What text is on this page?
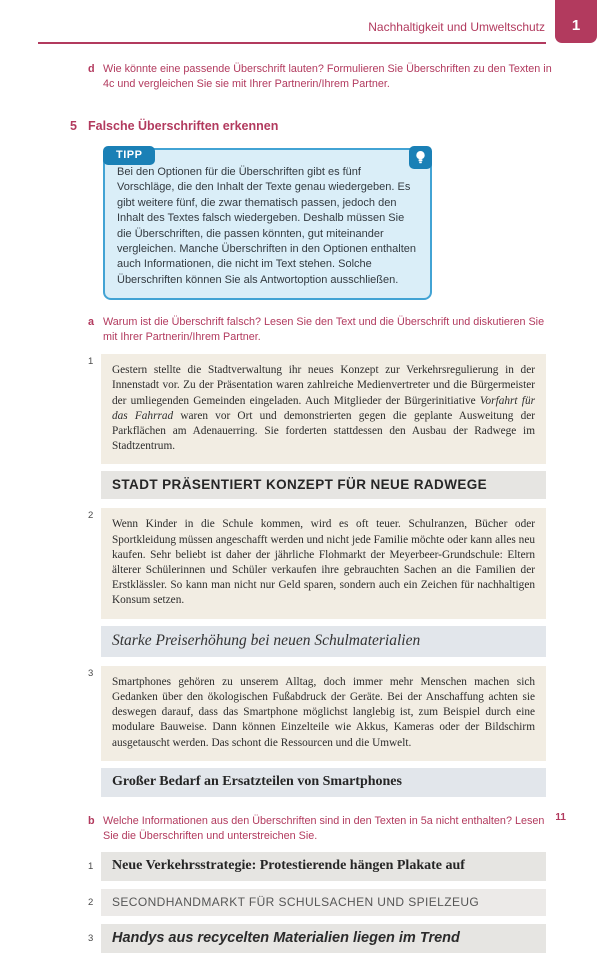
Nachhaltigkeit und Umweltschutz 1
d Wie könnte eine passende Überschrift lauten? Formulieren Sie Überschriften zu den Texten in 4c und vergleichen Sie sie mit Ihrer Partnerin/Ihrem Partner.
5 Falsche Überschriften erkennen
TIPP
Bei den Optionen für die Überschriften gibt es fünf Vorschläge, die den Inhalt der Texte genau wiedergeben. Es gibt weitere fünf, die zwar thematisch passen, jedoch den Inhalt des Textes falsch wiedergeben. Deshalb müssen Sie die Überschriften, die passen könnten, gut miteinander vergleichen. Manche Überschriften in den Optionen enthalten auch Informationen, die nicht im Text stehen. Solche Überschriften können Sie als Antwortoption ausschließen.
a Warum ist die Überschrift falsch? Lesen Sie den Text und die Überschrift und diskutieren Sie mit Ihrer Partnerin/Ihrem Partner.
1
Gestern stellte die Stadtverwaltung ihr neues Konzept zur Verkehrsregulierung in der Innenstadt vor. Zu der Präsentation waren zahlreiche Medienvertreter und die Bürgermeister der umliegenden Gemeinden eingeladen. Auch Mitglieder der Bürgerinitiative Vorfahrt für das Fahrrad waren vor Ort und demonstrierten gegen die geplante Ausweitung der Parkflächen am Adenauerring. Sie forderten stattdessen den Ausbau der Radwege im Stadtzentrum.
STADT PRÄSENTIERT KONZEPT FÜR NEUE RADWEGE
2
Wenn Kinder in die Schule kommen, wird es oft teuer. Schulranzen, Bücher oder Sportkleidung müssen angeschafft werden und nicht jede Familie möchte oder kann alles neu kaufen. Sehr beliebt ist daher der jährliche Flohmarkt der Meyerbeer-Grundschule: Eltern älterer Schülerinnen und Schüler verkaufen ihre gebrauchten Sachen an die Familien der Erstklässler. So kann man nicht nur Geld sparen, sondern auch ein Zeichen für nachhaltigen Konsum setzen.
Starke Preiserhöhung bei neuen Schulmaterialien
3
Smartphones gehören zu unserem Alltag, doch immer mehr Menschen machen sich Gedanken über den ökologischen Fußabdruck der Geräte. Bei der Anschaffung achten sie deswegen darauf, dass das Smartphone möglichst langlebig ist, zum Beispiel durch eine modulare Bauweise. Dann können Einzelteile wie Akkus, Kameras oder der Bildschirm ausgetauscht werden. Das schont die Ressourcen und die Umwelt.
Großer Bedarf an Ersatzteilen von Smartphones
b Welche Informationen aus den Überschriften sind in den Texten in 5a nicht enthalten? Lesen Sie die Überschriften und unterstreichen Sie.
1	Neue Verkehrsstrategie: Protestierende hängen Plakate auf
2	SECONDHANDMARKT FÜR SCHULSACHEN UND SPIELZEUG
3	Handys aus recycelten Materialien liegen im Trend
11
